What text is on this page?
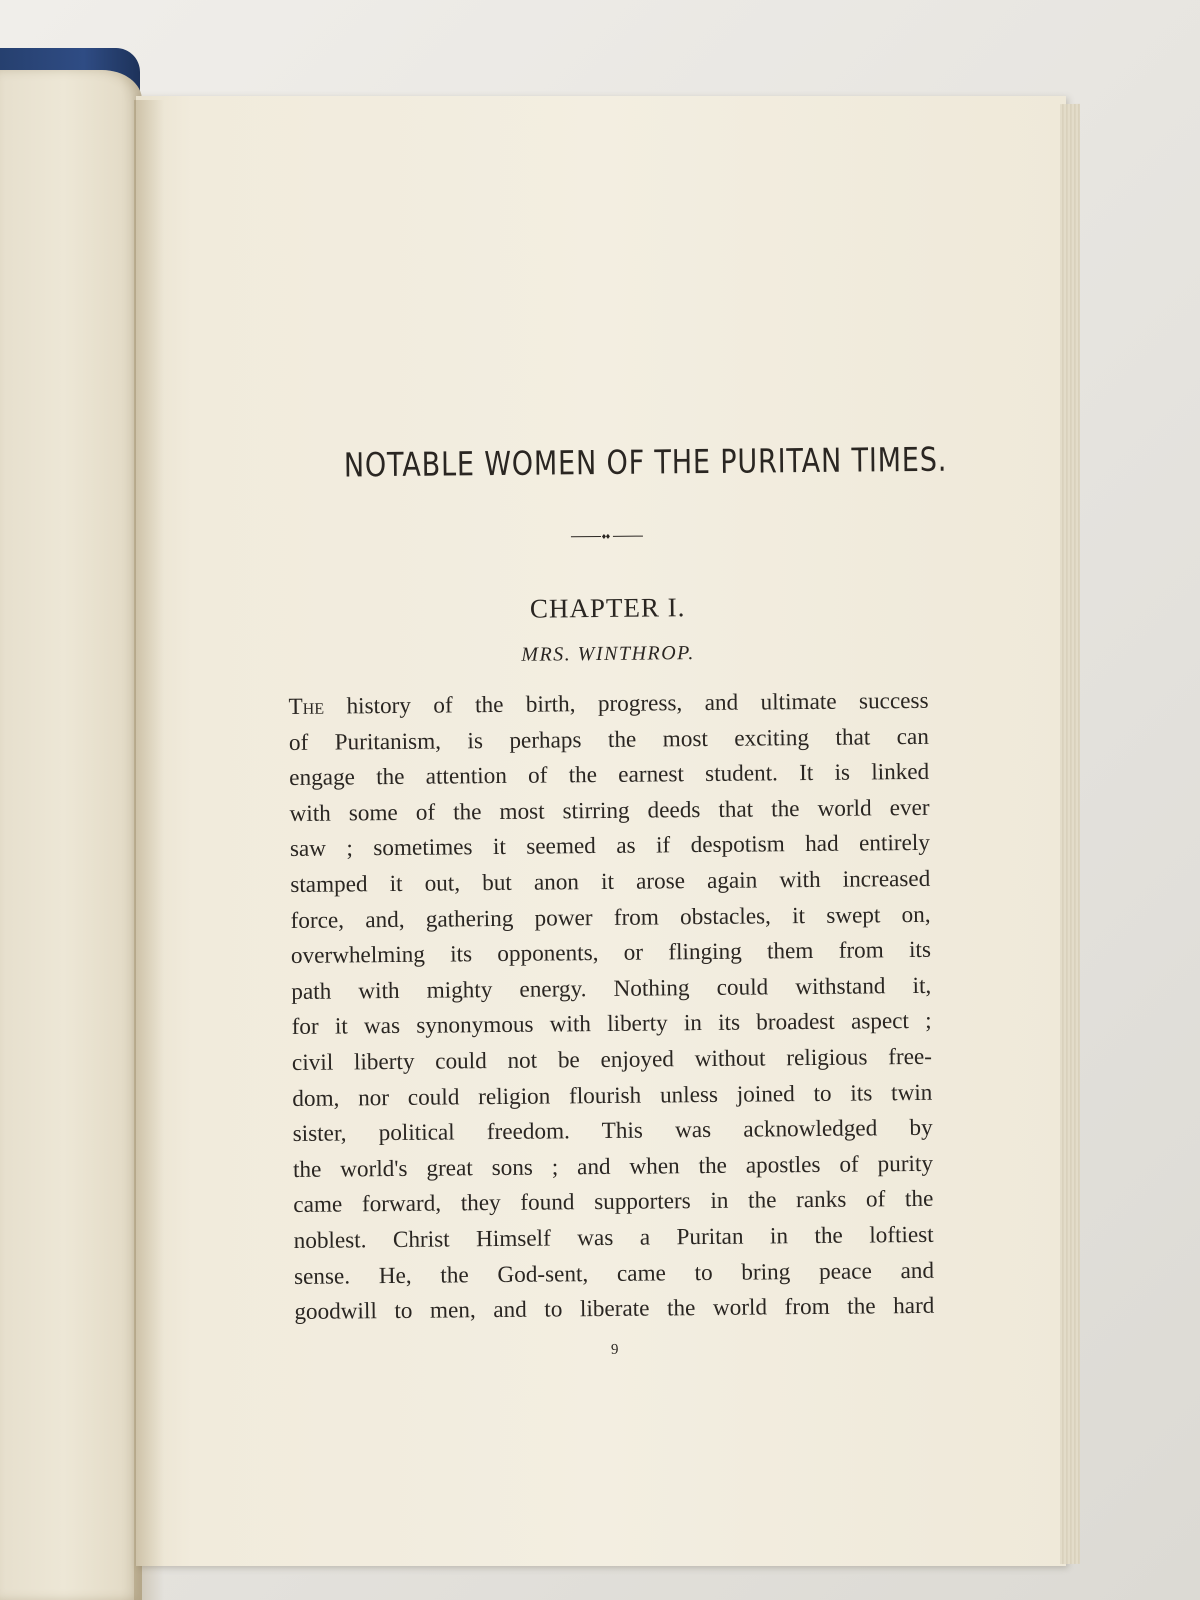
NOTABLE WOMEN OF THE PURITAN TIMES.
CHAPTER I.
MRS. WINTHROP.
The history of the birth, progress, and ultimate success
of Puritanism, is perhaps the most exciting that can
engage the attention of the earnest student. It is linked
with some of the most stirring deeds that the world ever
saw ; sometimes it seemed as if despotism had entirely
stamped it out, but anon it arose again with increased
force, and, gathering power from obstacles, it swept on,
overwhelming its opponents, or flinging them from its
path with mighty energy. Nothing could withstand it,
for it was synonymous with liberty in its broadest aspect ;
civil liberty could not be enjoyed without religious free-
dom, nor could religion flourish unless joined to its twin
sister, political freedom. This was acknowledged by
the world's great sons ; and when the apostles of purity
came forward, they found supporters in the ranks of the
noblest. Christ Himself was a Puritan in the loftiest
sense. He, the God-sent, came to bring peace and
goodwill to men, and to liberate the world from the hard
9
